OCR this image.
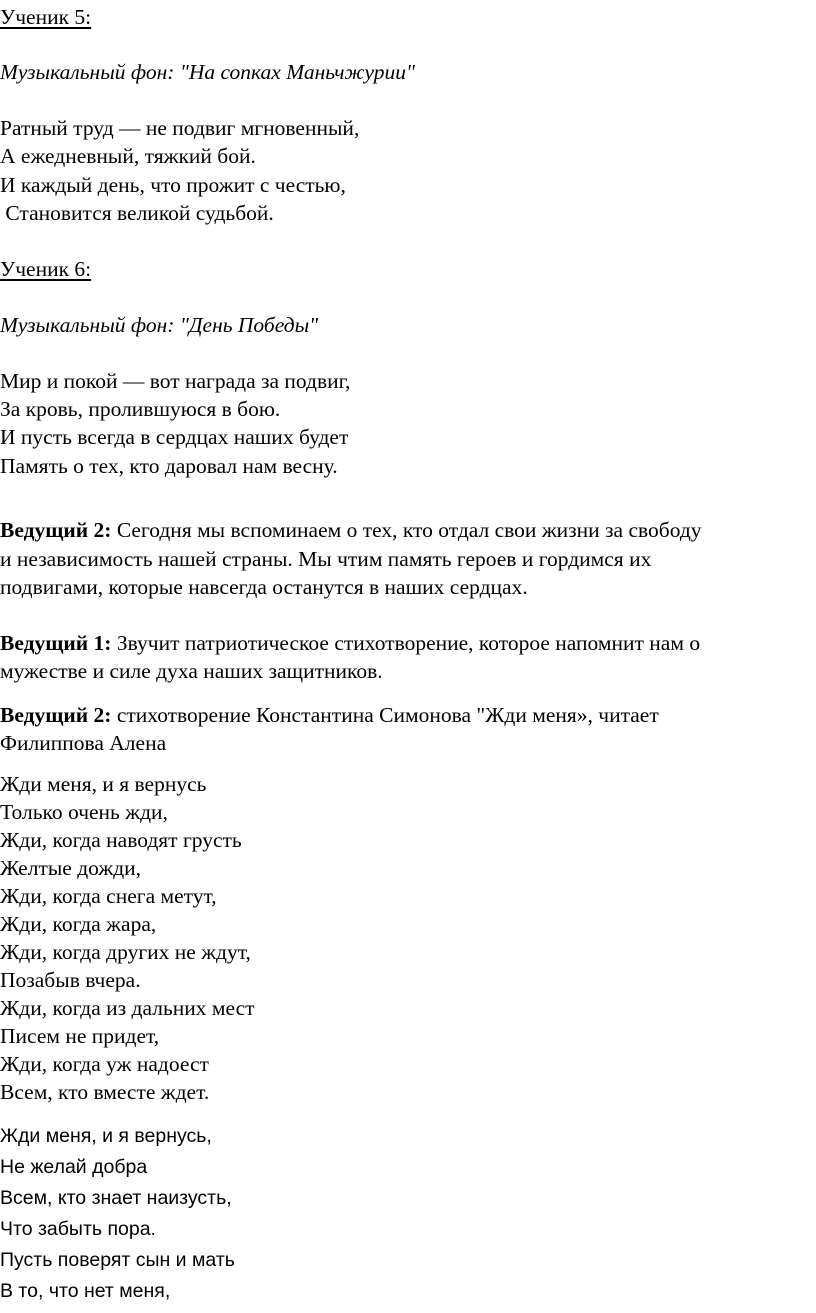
Ученик 5:
Музыкальный фон: "На сопках Маньчжурии"
Ратный труд — не подвиг мгновенный,
А ежедневный, тяжкий бой.
И каждый день, что прожит с честью,
Становится великой судьбой.
Ученик 6:
Музыкальный фон: "День Победы"
Мир и покой — вот награда за подвиг,
За кровь, пролившуюся в бою.
И пусть всегда в сердцах наших будет
Память о тех, кто даровал нам весну.
Ведущий 2: Сегодня мы вспоминаем о тех, кто отдал свои жизни за свободу
и независимость нашей страны. Мы чтим память героев и гордимся их
подвигами, которые навсегда останутся в наших сердцах.
Ведущий 1: Звучит патриотическое стихотворение, которое напомнит нам о
мужестве и силе духа наших защитников.
Ведущий 2: стихотворение Константина Симонова "Жди меня», читает
Филиппова Алена
Жди меня, и я вернусь
Только очень жди,
Жди, когда наводят грусть
Желтые дожди,
Жди, когда снега метут,
Жди, когда жара,
Жди, когда других не ждут,
Позабыв вчера.
Жди, когда из дальних мест
Писем не придет,
Жди, когда уж надоест
Всем, кто вместе ждет.
Жди меня, и я вернусь,
Не желай добра
Всем, кто знает наизусть,
Что забыть пора.
Пусть поверят сын и мать
В то, что нет меня,
